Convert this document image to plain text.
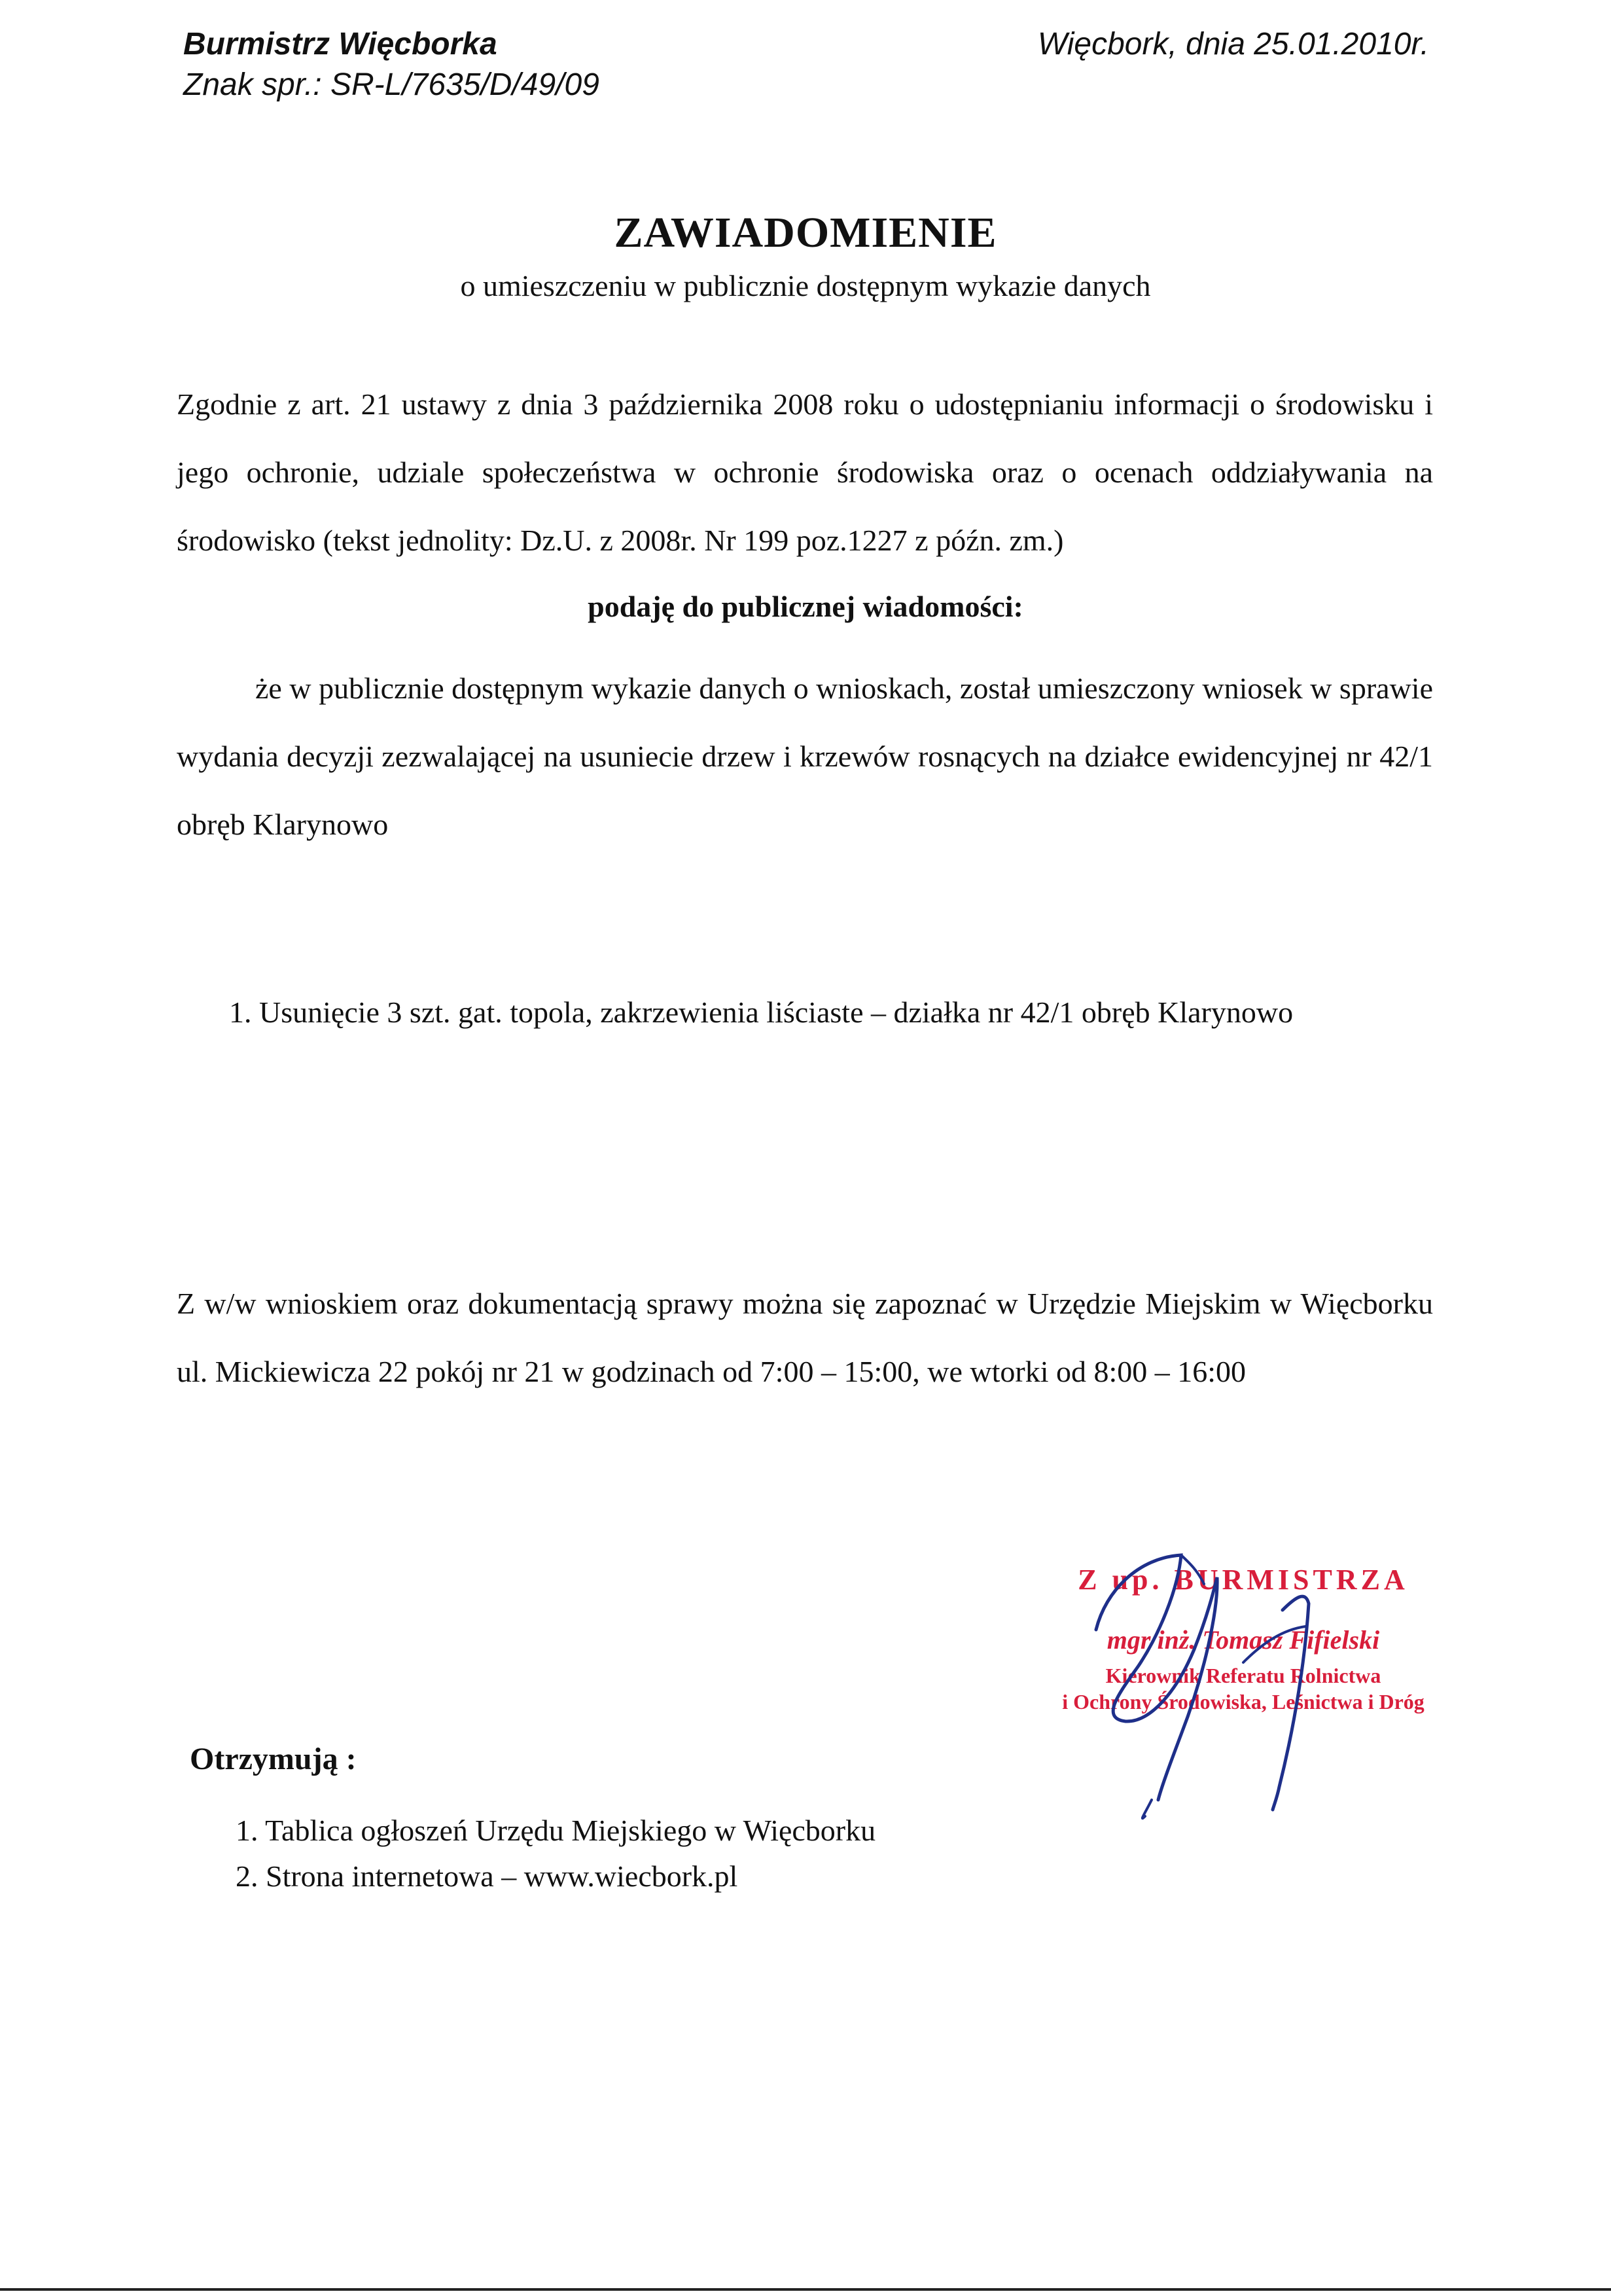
Burmistrz Więcborka
Znak spr.: SR-L/7635/D/49/09
Więcbork, dnia 25.01.2010r.
ZAWIADOMIENIE
o umieszczeniu w publicznie dostępnym wykazie danych
Zgodnie z art. 21 ustawy z dnia 3 października 2008 roku o udostępnianiu informacji o środowisku i jego ochronie, udziale społeczeństwa w ochronie środowiska oraz o ocenach oddziaływania na środowisko (tekst jednolity: Dz.U. z 2008r. Nr 199 poz.1227 z późn. zm.)
podaję do publicznej wiadomości:
że w publicznie dostępnym wykazie danych o wnioskach, został umieszczony wniosek w sprawie wydania decyzji zezwalającej na usuniecie drzew i krzewów rosnących na działce ewidencyjnej nr 42/1 obręb Klarynowo
1. Usunięcie 3 szt. gat. topola, zakrzewienia liściaste – działka nr 42/1 obręb Klarynowo
Z w/w wnioskiem oraz dokumentacją sprawy można się zapoznać w Urzędzie Miejskim w Więcborku ul. Mickiewicza 22 pokój nr 21 w godzinach od 7:00 – 15:00, we wtorki od 8:00 – 16:00
Z up. BURMISTRZA
mgr inż. Tomasz Fifielski
Kierownik Referatu Rolnictwa
i Ochrony Środowiska, Leśnictwa i Dróg
Otrzymują :
1. Tablica ogłoszeń Urzędu Miejskiego w Więcborku
2. Strona internetowa – www.wiecbork.pl
